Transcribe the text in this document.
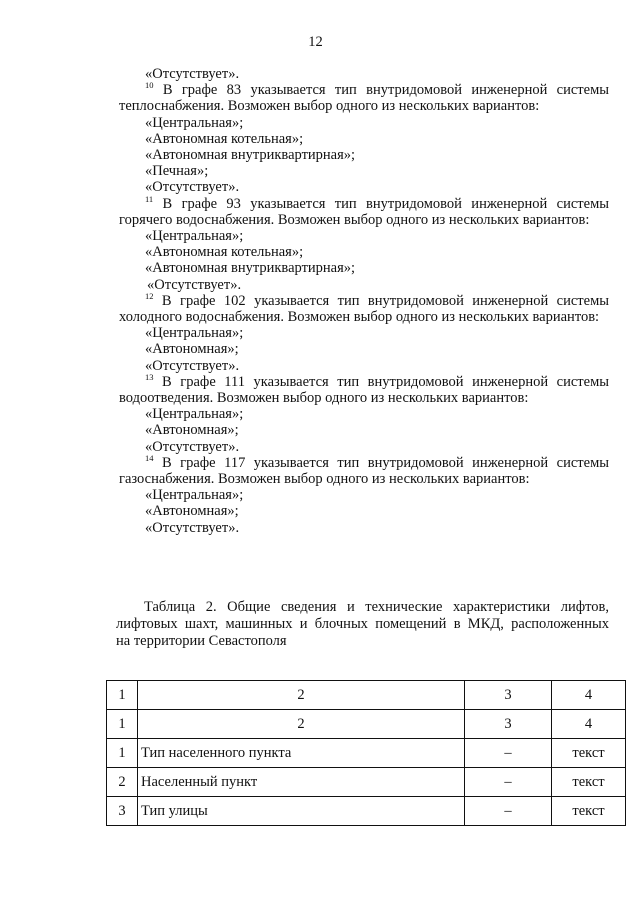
12
«Отсутствует».
$^{10}$ В графе 83 указывается тип внутридомовой инженерной системы
теплоснабжения. Возможен выбор одного из нескольких вариантов:
«Центральная»;
«Автономная котельная»;
«Автономная внутриквартирная»;
«Печная»;
«Отсутствует».
$^{11}$ В графе 93 указывается тип внутридомовой инженерной системы
горячего водоснабжения. Возможен выбор одного из нескольких вариантов:
«Центральная»;
«Автономная котельная»;
«Автономная внутриквартирная»;
«Отсутствует».
$^{12}$ В графе 102 указывается тип внутридомовой инженерной системы
холодного водоснабжения. Возможен выбор одного из нескольких вариантов:
«Центральная»;
«Автономная»;
«Отсутствует».
$^{13}$ В графе 111 указывается тип внутридомовой инженерной системы
водоотведения. Возможен выбор одного из нескольких вариантов:
«Центральная»;
«Автономная»;
«Отсутствует».
$^{14}$ В графе 117 указывается тип внутридомовой инженерной системы
газоснабжения. Возможен выбор одного из нескольких вариантов:
«Центральная»;
«Автономная»;
«Отсутствует».
Таблица 2. Общие сведения и технические характеристики лифтов,
лифтовых шахт, машинных и блочных помещений в МКД, расположенных
на территории Севастополя
1	2	3	4
1	2	3	4
1	Тип населенного пункта	–	текст
2	Населенный пункт	–	текст
3	Тип улицы	–	текст
